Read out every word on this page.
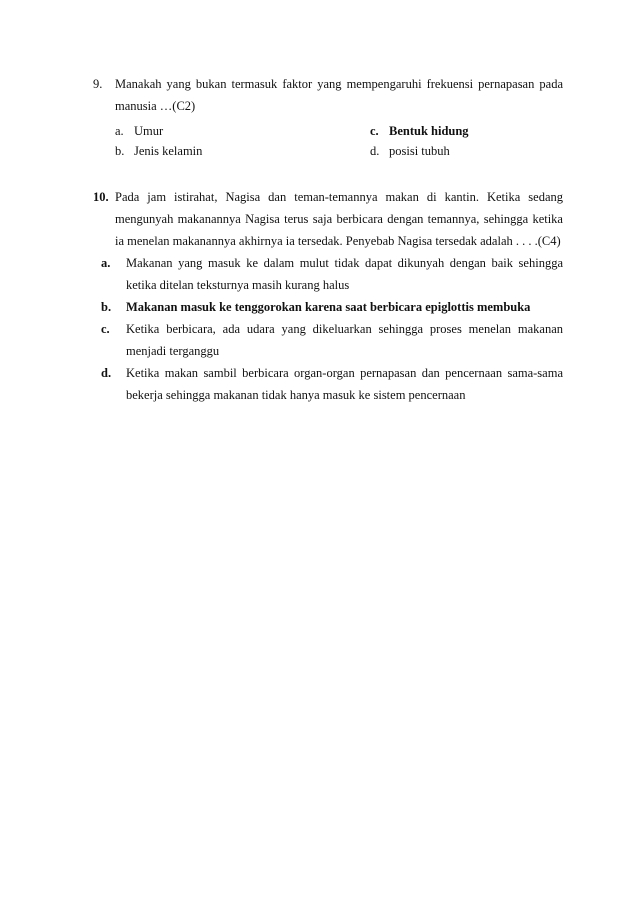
9.	Manakah yang bukan termasuk faktor yang mempengaruhi frekuensi pernapasan pada manusia …(C2)
a. Umur	c. Bentuk hidung
b. Jenis kelamin	d. posisi tubuh
10. Pada jam istirahat, Nagisa dan teman-temannya makan di kantin. Ketika sedang mengunyah makanannya Nagisa terus saja berbicara dengan temannya, sehingga ketika ia menelan makanannya akhirnya ia tersedak. Penyebab Nagisa tersedak adalah . . . .(C4)
a.	Makanan yang masuk ke dalam mulut tidak dapat dikunyah dengan baik sehingga ketika ditelan teksturnya masih kurang halus
b.	Makanan masuk ke tenggorokan karena saat berbicara epiglottis membuka
c.	Ketika berbicara, ada udara yang dikeluarkan sehingga proses menelan makanan menjadi terganggu
d.	Ketika makan sambil berbicara organ-organ pernapasan dan pencernaan sama-sama bekerja sehingga makanan tidak hanya masuk ke sistem pencernaan
